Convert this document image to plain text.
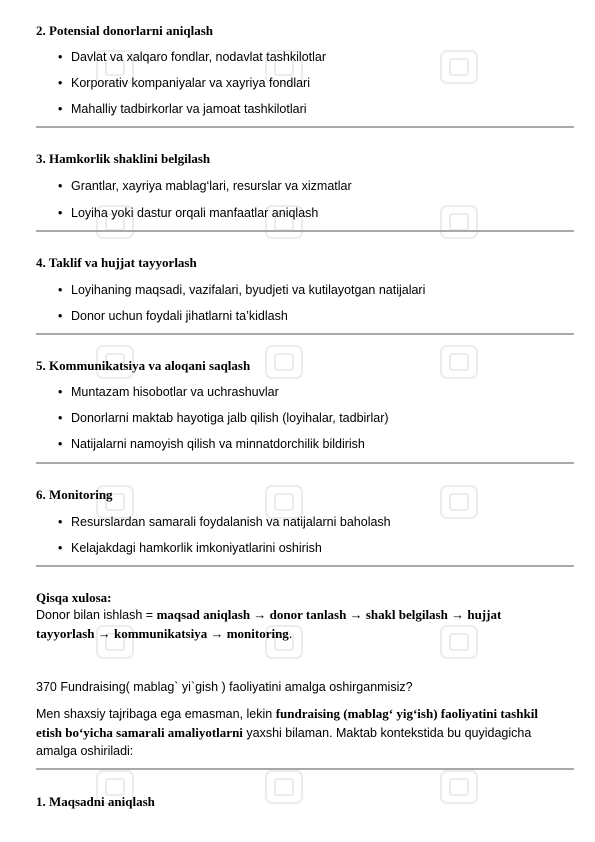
2. Potensial donorlarni aniqlash
• Davlat va xalqaro fondlar, nodavlat tashkilotlar
• Korporativ kompaniyalar va xayriya fondlari
• Mahalliy tadbirkorlar va jamoat tashkilotlari
3. Hamkorlik shaklini belgilash
• Grantlar, xayriya mablag‘lari, resurslar va xizmatlar
• Loyiha yoki dastur orqali manfaatlar aniqlash
4. Taklif va hujjat tayyorlash
• Loyihaning maqsadi, vazifalari, byudjeti va kutilayotgan natijalari
• Donor uchun foydali jihatlarni ta’kidlash
5. Kommunikatsiya va aloqani saqlash
• Muntazam hisobotlar va uchrashuvlar
• Donorlarni maktab hayotiga jalb qilish (loyihalar, tadbirlar)
• Natijalarni namoyish qilish va minnatdorchilik bildirish
6. Monitoring
• Resurslardan samarali foydalanish va natijalarni baholash
• Kelajakdagi hamkorlik imkoniyatlarini oshirish
Qisqa xulosa:
Donor bilan ishlash = maqsad aniqlash → donor tanlash → shakl belgilash → hujjat
tayyorlash → kommunikatsiya → monitoring.
370 Fundraising( mablag` yi`gish ) faoliyatini amalga oshirganmisiz?
Men shaxsiy tajribaga ega emasman, lekin fundraising (mablag‘ yig‘ish) faoliyatini tashkil
etish bo‘yicha samarali amaliyotlarni yaxshi bilaman. Maktab kontekstida bu quyidagicha
amalga oshiriladi:
1. Maqsadni aniqlash
